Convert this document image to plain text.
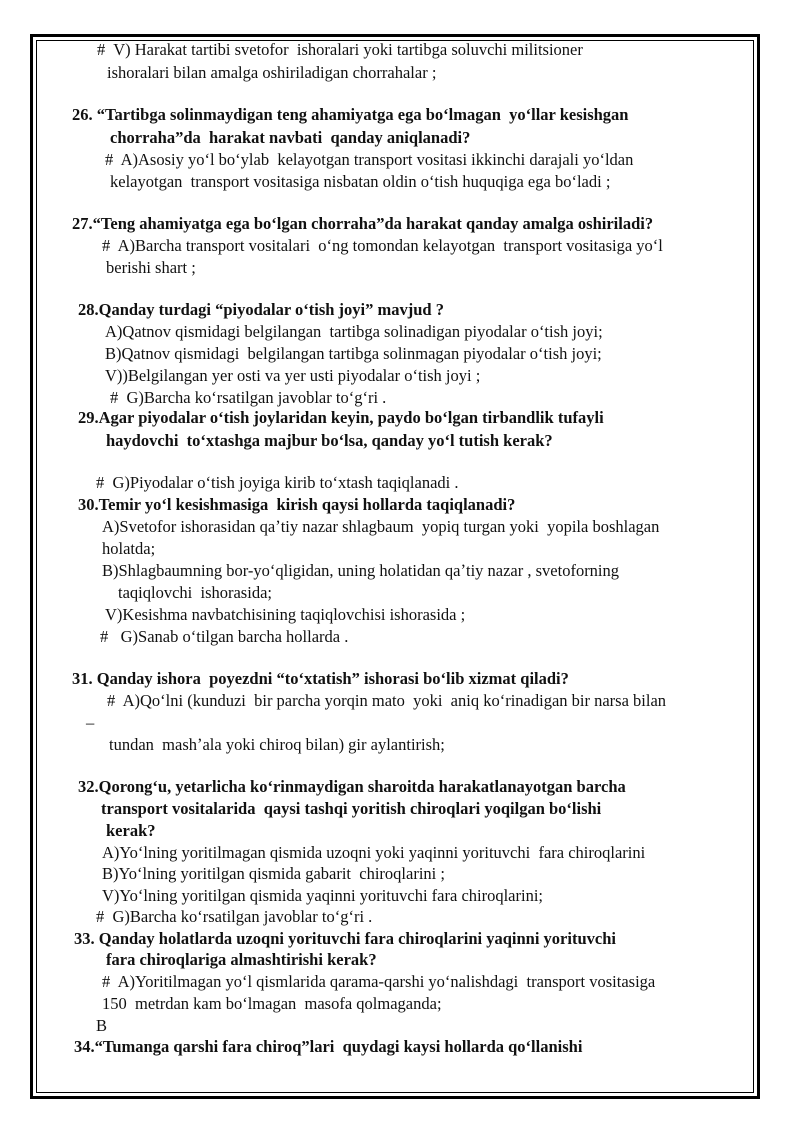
#  V) Harakat tartibi svetofor  ishoralari yoki tartibga soluvchi militsioner
ishoralari bilan amalga oshiriladigan chorrahalar ;
26. “Tartibga solinmaydigan teng ahamiyatga ega boʻlmagan  yoʻllar kesishgan
chorraha”da  harakat navbati  qanday aniqlanadi?
#  A)Asosiy yoʻl boʻylab  kelayotgan transport vositasi ikkinchi darajali yoʻldan
kelayotgan  transport vositasiga nisbatan oldin oʻtish huquqiga ega boʻladi ;
27.“Teng ahamiyatga ega boʻlgan chorraha”da harakat qanday amalga oshiriladi?
#  A)Barcha transport vositalari  oʻng tomondan kelayotgan  transport vositasiga yoʻl
berishi shart ;
28.Qanday turdagi “piyodalar oʻtish joyi” mavjud ?
A)Qatnov qismidagi belgilangan  tartibga solinadigan piyodalar oʻtish joyi;
B)Qatnov qismidagi  belgilangan tartibga solinmagan piyodalar oʻtish joyi;
V))Belgilangan yer osti va yer usti piyodalar oʻtish joyi ;
#  G)Barcha koʻrsatilgan javoblar toʻgʻri .
29.Agar piyodalar oʻtish joylaridan keyin, paydo boʻlgan tirbandlik tufayli
haydovchi  toʻxtashga majbur boʻlsa, qanday yoʻl tutish kerak?
#  G)Piyodalar oʻtish joyiga kirib toʻxtash taqiqlanadi .
30.Temir yoʻl kesishmasiga  kirish qaysi hollarda taqiqlanadi?
A)Svetofor ishorasidan qaʼtiy nazar shlagbaum  yopiq turgan yoki  yopila boshlagan
holatda;
B)Shlagbaumning bor-yoʻqligidan, uning holatidan qaʼtiy nazar , svetoforning
taqiqlovchi  ishorasida;
V)Kesishma navbatchisining taqiqlovchisi ishorasida ;
#   G)Sanab oʻtilgan barcha hollarda .
31. Qanday ishora  poyezdni “toʻxtatish” ishorasi boʻlib xizmat qiladi?
#  A)Qoʻlni (kunduzi  bir parcha yorqin mato  yoki  aniq koʻrinadigan bir narsa bilan
–
tundan  mashʼala yoki chiroq bilan) gir aylantirish;
32.Qorongʻu, yetarlicha koʻrinmaydigan sharoitda harakatlanayotgan barcha
transport vositalarida  qaysi tashqi yoritish chiroqlari yoqilgan boʻlishi
kerak?
A)Yoʻlning yoritilmagan qismida uzoqni yoki yaqinni yorituvchi  fara chiroqlarini
B)Yoʻlning yoritilgan qismida gabarit  chiroqlarini ;
V)Yoʻlning yoritilgan qismida yaqinni yorituvchi fara chiroqlarini;
#  G)Barcha koʻrsatilgan javoblar toʻgʻri .
33. Qanday holatlarda uzoqni yorituvchi fara chiroqlarini yaqinni yorituvchi
fara chiroqlariga almashtirishi kerak?
#  A)Yoritilmagan yoʻl qismlarida qarama-qarshi yoʻnalishdagi  transport vositasiga
150  metrdan kam boʻlmagan  masofa qolmaganda;
B
34.“Tumanga qarshi fara chiroq”lari  quydagi kaysi hollarda qoʻllanishi
